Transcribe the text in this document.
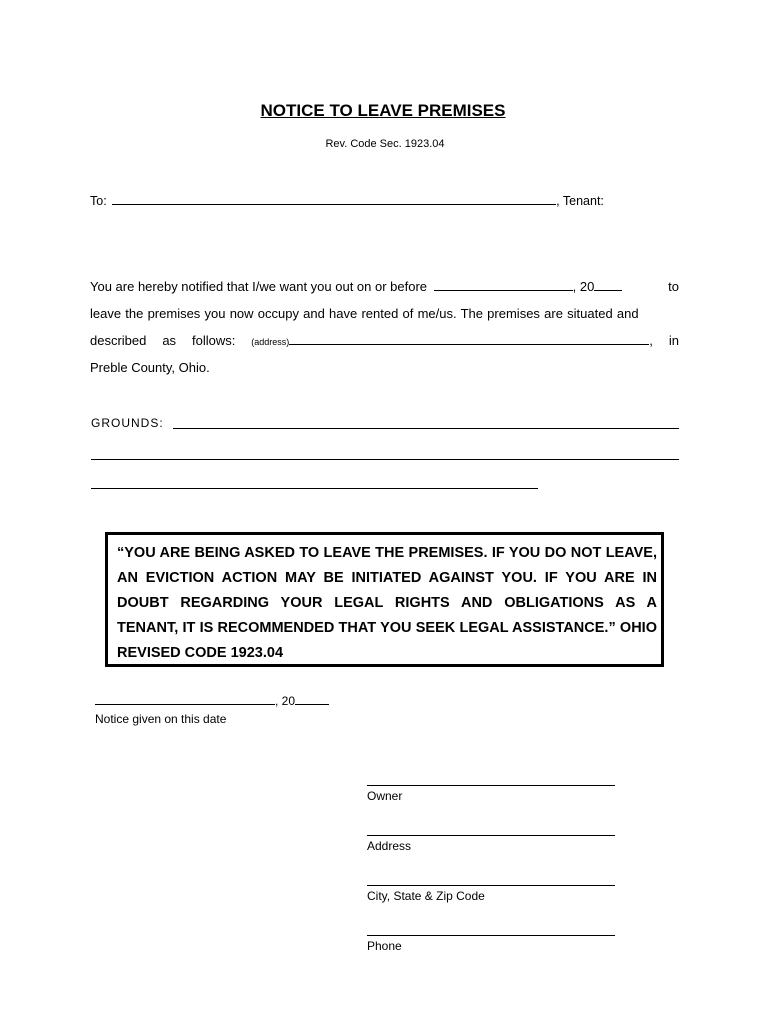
NOTICE TO LEAVE PREMISES
Rev. Code Sec. 1923.04
To:	, Tenant:
You are hereby notified that I/we want you out on or before	, 20	to
leave the premises you now occupy and have rented of me/us. The premises are situated and
described as follows: (address)	, in
Preble County, Ohio.
GROUNDS:
“YOU ARE BEING ASKED TO LEAVE THE PREMISES. IF YOU DO NOT LEAVE, AN EVICTION ACTION MAY BE INITIATED AGAINST YOU. IF YOU ARE IN DOUBT REGARDING YOUR LEGAL RIGHTS AND OBLIGATIONS AS A TENANT, IT IS RECOMMENDED THAT YOU SEEK LEGAL ASSISTANCE.” OHIO REVISED CODE 1923.04
, 20
Notice given on this date
Owner
Address
City, State & Zip Code
Phone
